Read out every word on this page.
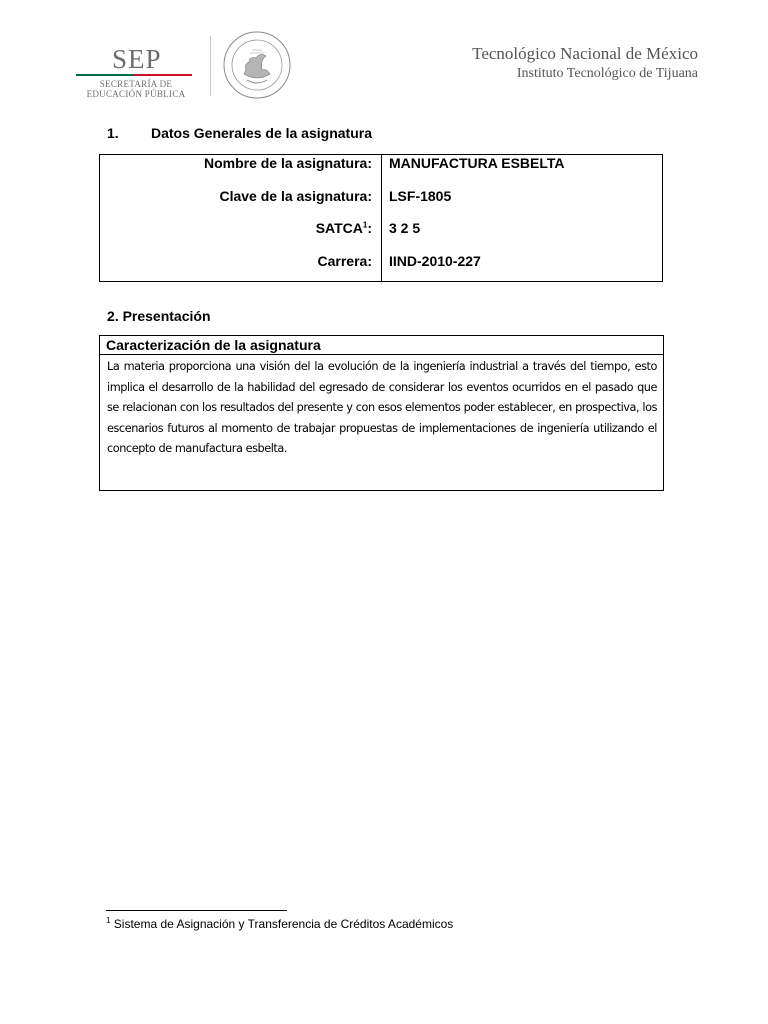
SEP
SECRETARÍA DE
EDUCACIÓN PÚBLICA
Tecnológico Nacional de México
Instituto Tecnológico de Tijuana
1. Datos Generales de la asignatura
Nombre de la asignatura: MANUFACTURA ESBELTA
Clave de la asignatura: LSF-1805
SATCA$^1$: 3 2 5
Carrera: IIND-2010-227
2. Presentación
Caracterización de la asignatura
La materia proporciona una visión del la evolución de la ingeniería industrial a través del tiempo, esto implica el desarrollo de la habilidad del egresado de considerar los eventos ocurridos en el pasado que se relacionan con los resultados del presente y con esos elementos poder establecer, en prospectiva, los escenarios futuros al momento de trabajar propuestas de implementaciones de ingeniería utilizando el concepto de manufactura esbelta.
$^1$ Sistema de Asignación y Transferencia de Créditos Académicos
